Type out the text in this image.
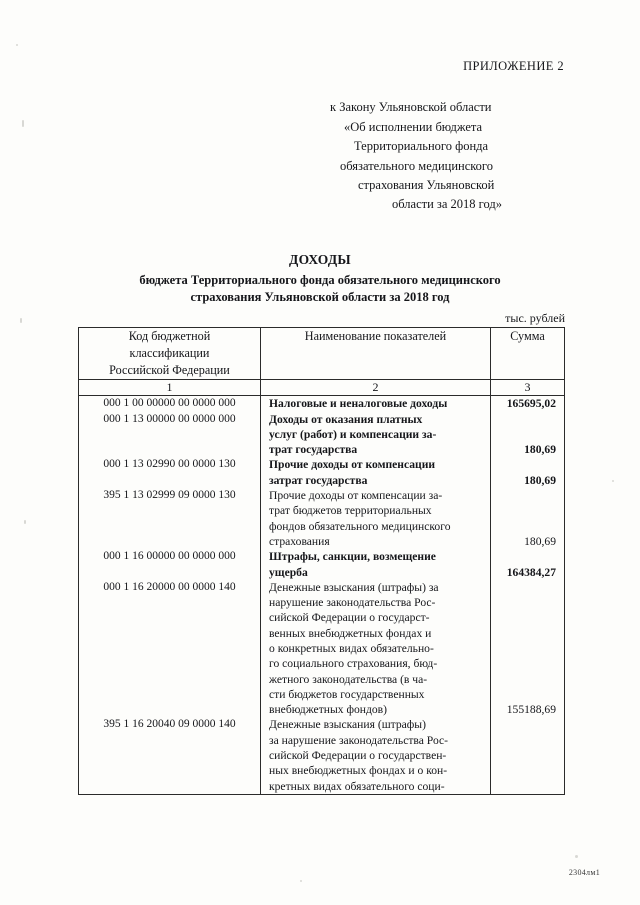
ПРИЛОЖЕНИЕ 2
к Закону Ульяновской области
«Об исполнении бюджета
Территориального фонда
обязательного медицинского
страхования Ульяновской
области за 2018 год»
ДОХОДЫ
бюджета Территориального фонда обязательного медицинского
страхования Ульяновской области за 2018 год
тыс. рублей
Код бюджетной
классификации
Российской Федерации	Наименование показателей	Сумма
1	2	3

000 1 00 00000 00 0000 000	Налоговые и неналоговые доходы	165695,02

000 1 13 00000 00 0000 000	Доходы от оказания платных
услуг (работ) и компенсации за-
трат государства	180,69

000 1 13 02990 00 0000 130	Прочие доходы от компенсации
затрат государства	180,69

395 1 13 02999 09 0000 130	Прочие доходы от компенсации за-
трат бюджетов территориальных
фондов обязательного медицинского
страхования	180,69

000 1 16 00000 00 0000 000	Штрафы, санкции, возмещение
ущерба	164384,27

000 1 16 20000 00 0000 140	Денежные взыскания (штрафы) за
нарушение законодательства Рос-
сийской Федерации о государст-
венных внебюджетных фондах и
о конкретных видах обязательно-
го социального страхования, бюд-
жетного законодательства (в ча-
сти бюджетов государственных
внебюджетных фондов)	155188,69

395 1 16 20040 09 0000 140	Денежные взыскания (штрафы)
за нарушение законодательства Рос-
сийской Федерации о государствен-
ных внебюджетных фондах и о кон-
кретных видах обязательного соци-	

2304лм1
